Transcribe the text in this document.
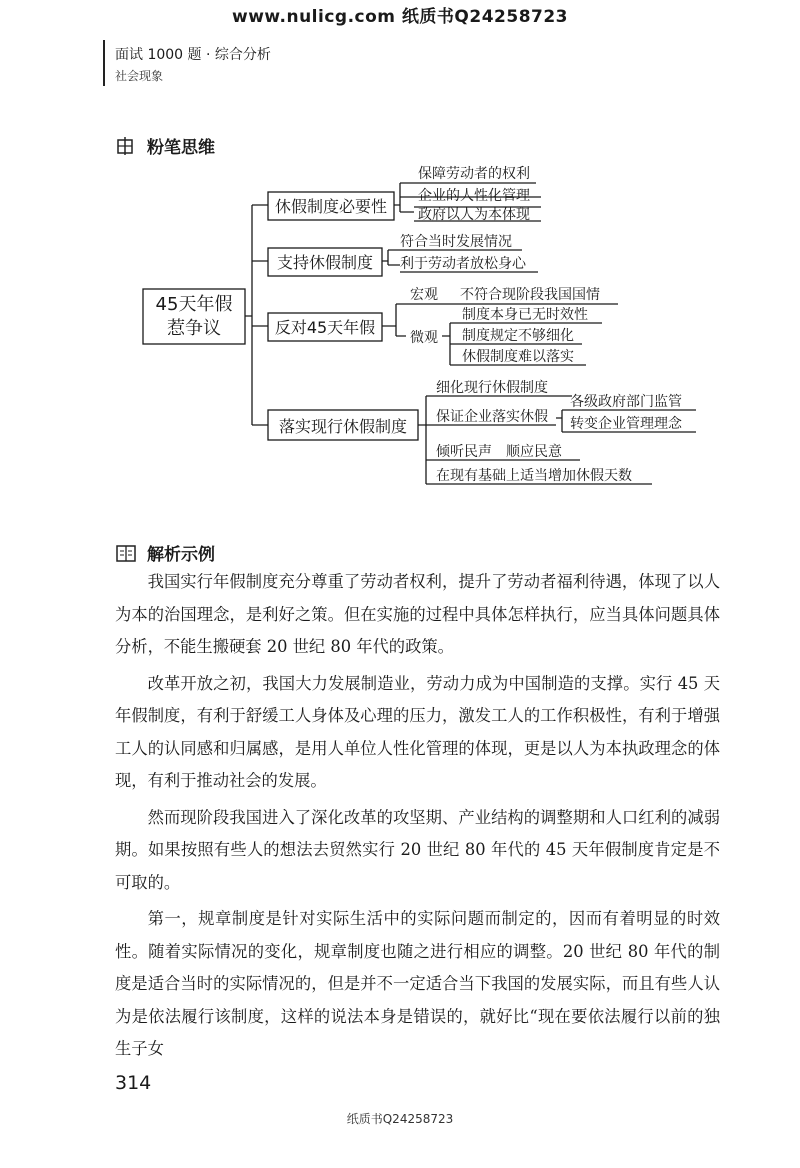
www.nulicg.com 纸质书Q24258723
面试 1000 题 · 综合分析
社会现象
粉笔思维
45天年假
惹争议
休假制度必要性
保障劳动者的权利
企业的人性化管理
政府以人为本体现
支持休假制度
符合当时发展情况
利于劳动者放松身心
反对45天年假
宏观 不符合现阶段我国国情
微观
制度本身已无时效性
制度规定不够细化
休假制度难以落实
落实现行休假制度
细化现行休假制度
保证企业落实休假
各级政府部门监管
转变企业管理理念
倾听民声　顺应民意
在现有基础上适当增加休假天数
解析示例

我国实行年假制度充分尊重了劳动者权利，提升了劳动者福利待遇，体现了以人为本的治国理念，是利好之策。但在实施的过程中具体怎样执行，应当具体问题具体分析，不能生搬硬套 20 世纪 80 年代的政策。

改革开放之初，我国大力发展制造业，劳动力成为中国制造的支撑。实行 45 天年假制度，有利于舒缓工人身体及心理的压力，激发工人的工作积极性，有利于增强工人的认同感和归属感，是用人单位人性化管理的体现，更是以人为本执政理念的体现，有利于推动社会的发展。

然而现阶段我国进入了深化改革的攻坚期、产业结构的调整期和人口红利的减弱期。如果按照有些人的想法去贸然实行 20 世纪 80 年代的 45 天年假制度肯定是不可取的。

第一，规章制度是针对实际生活中的实际问题而制定的，因而有着明显的时效性。随着实际情况的变化，规章制度也随之进行相应的调整。20 世纪 80 年代的制度是适合当时的实际情况的，但是并不一定适合当下我国的发展实际，而且有些人认为是依法履行该制度，这样的说法本身是错误的，就好比“现在要依法履行以前的独生子女

314
纸质书Q24258723
